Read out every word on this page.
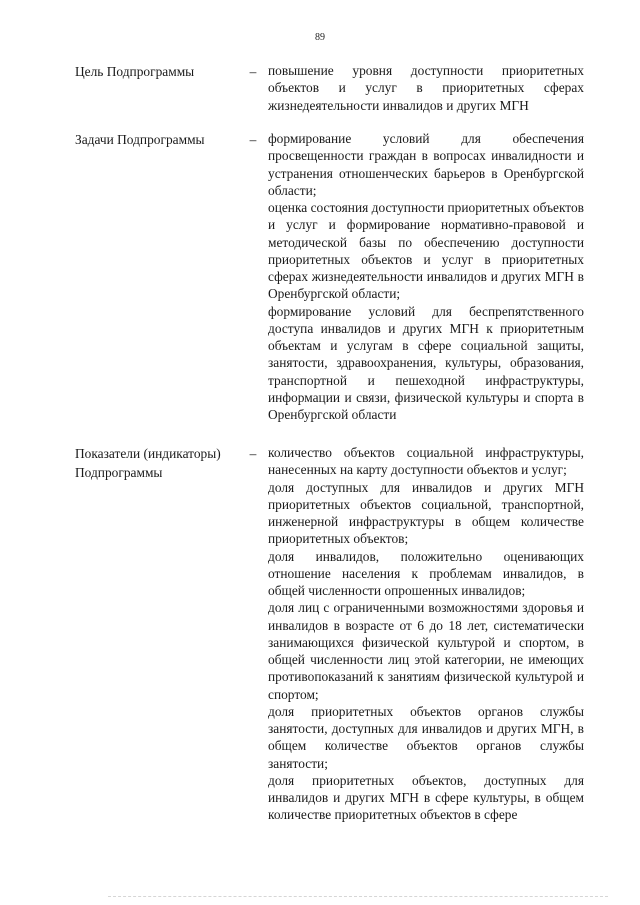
89
Цель Подпрограммы	– повышение уровня доступности приоритетных объектов и услуг в приоритетных сферах жизнедеятельности инвалидов и других МГН

Задачи Подпрограммы	– формирование условий для обеспечения просвещенности граждан в вопросах инвалидности и устранения отношенческих барьеров в Оренбургской области;

оценка состояния доступности приоритетных объектов и услуг и формирование нормативно-правовой и методической базы по обеспечению доступности приоритетных объектов и услуг в приоритетных сферах жизнедеятельности инвалидов и других МГН в Оренбургской области;

формирование условий для беспрепятственного доступа инвалидов и других МГН к приоритетным объектам и услугам в сфере социальной защиты, занятости, здравоохранения, культуры, образования, транспортной и пешеходной инфраструктуры, информации и связи, физической культуры и спорта в Оренбургской области

Показатели (индикаторы) Подпрограммы
– количество объектов социальной инфраструктуры, нанесенных на карту доступности объектов и услуг;

доля доступных для инвалидов и других МГН приоритетных объектов социальной, транспортной, инженерной инфраструктуры в общем количестве приоритетных объектов;

доля инвалидов, положительно оценивающих отношение населения к проблемам инвалидов, в общей численности опрошенных инвалидов;

доля лиц с ограниченными возможностями здоровья и инвалидов в возрасте от 6 до 18 лет, систематически занимающихся физической культурой и спортом, в общей численности лиц этой категории, не имеющих противопоказаний к занятиям физической культурой и спортом;

доля приоритетных объектов органов службы занятости, доступных для инвалидов и других МГН, в общем количестве объектов органов службы занятости;

доля приоритетных объектов, доступных для инвалидов и других МГН в сфере культуры, в общем количестве приоритетных объектов в сфере
